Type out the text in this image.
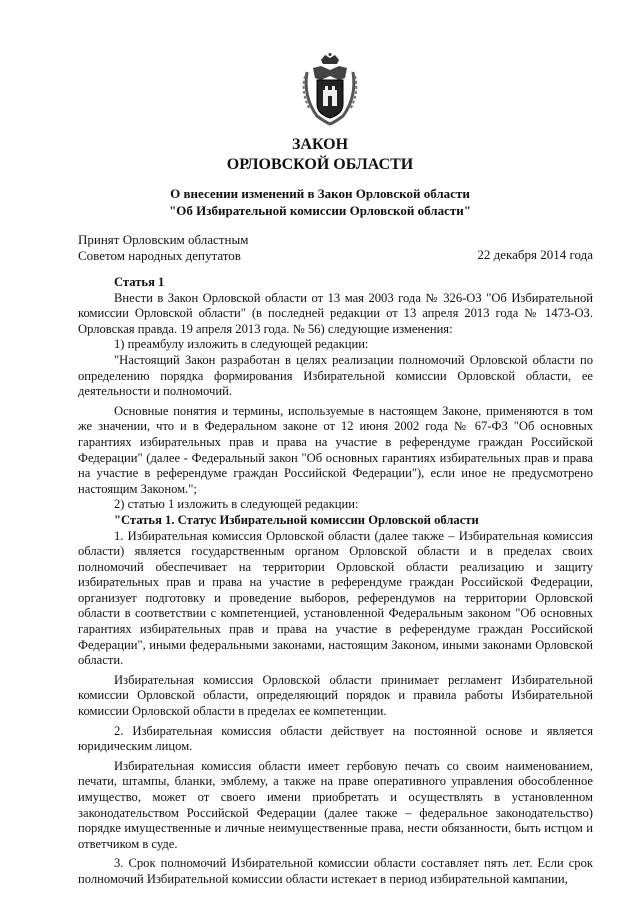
ЗАКОН
ОРЛОВСКОЙ ОБЛАСТИ
О внесении изменений в Закон Орловской области
"Об Избирательной комиссии Орловской области"
Принят Орловским областным
Советом народных депутатов	22 декабря 2014 года

Статья 1

Внести в Закон Орловской области от 13 мая 2003 года № 326-ОЗ "Об Избирательной комиссии Орловской области" (в последней редакции от 13 апреля 2013 года № 1473-ОЗ. Орловская правда. 19 апреля 2013 года. № 56) следующие изменения:

1) преамбулу изложить в следующей редакции:

"Настоящий Закон разработан в целях реализации полномочий Орловской области по определению порядка формирования Избирательной комиссии Орловской области, ее деятельности и полномочий.

Основные понятия и термины, используемые в настоящем Законе, применяются в том же значении, что и в Федеральном законе от 12 июня 2002 года № 67-ФЗ "Об основных гарантиях избирательных прав и права на участие в референдуме граждан Российской Федерации" (далее - Федеральный закон "Об основных гарантиях избирательных прав и права на участие в референдуме граждан Российской Федерации"), если иное не предусмотрено настоящим Законом.";

2) статью 1 изложить в следующей редакции:

"Статья 1. Статус Избирательной комиссии Орловской области

1. Избирательная комиссия Орловской области (далее также – Избирательная комиссия области) является государственным органом Орловской области и в пределах своих полномочий обеспечивает на территории Орловской области реализацию и защиту избирательных прав и права на участие в референдуме граждан Российской Федерации, организует подготовку и проведение выборов, референдумов на территории Орловской области в соответствии с компетенцией, установленной Федеральным законом "Об основных гарантиях избирательных прав и права на участие в референдуме граждан Российской Федерации", иными федеральными законами, настоящим Законом, иными законами Орловской области.

Избирательная комиссия Орловской области принимает регламент Избирательной комиссии Орловской области, определяющий порядок и правила работы Избирательной комиссии Орловской области в пределах ее компетенции.

2. Избирательная комиссия области действует на постоянной основе и является юридическим лицом.

Избирательная комиссия области имеет гербовую печать со своим наименованием, печати, штампы, бланки, эмблему, а также на праве оперативного управления обособленное имущество, может от своего имени приобретать и осуществлять в установленном законодательством Российской Федерации (далее также – федеральное законодательство) порядке имущественные и личные неимущественные права, нести обязанности, быть истцом и ответчиком в суде.

3. Срок полномочий Избирательной комиссии области составляет пять лет. Если срок полномочий Избирательной комиссии области истекает в период избирательной кампании,
